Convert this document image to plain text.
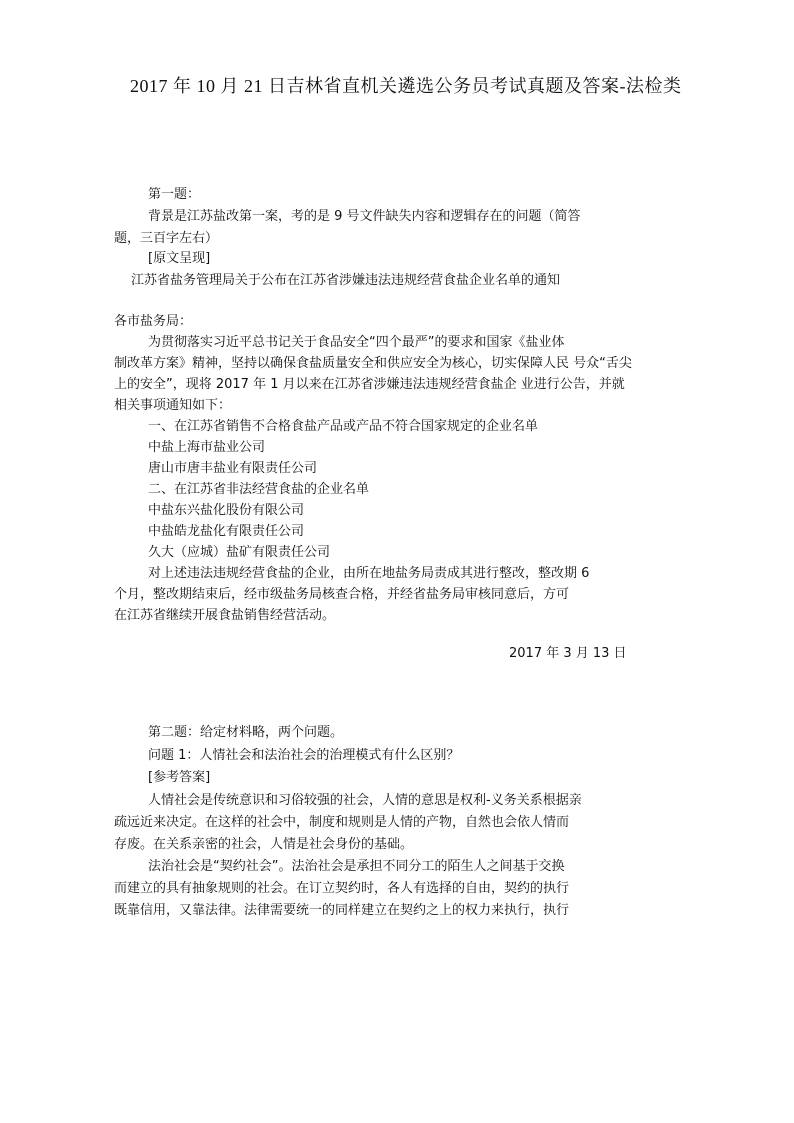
2017 年 10 月 21 日吉林省直机关遴选公务员考试真题及答案-法检类
第一题：
背景是江苏盐改第一案，考的是 9 号文件缺失内容和逻辑存在的问题（简答
题，三百字左右）
[原文呈现]
江苏省盐务管理局关于公布在江苏省涉嫌违法违规经营食盐企业名单的通知
各市盐务局：
为贯彻落实习近平总书记关于食品安全“四个最严”的要求和国家《盐业体
制改革方案》精神，坚持以确保食盐质量安全和供应安全为核心，切实保障人民 号众“舌尖
上的安全”，现将 2017 年 1 月以来在江苏省涉嫌违法违规经营食盐企 业进行公告，并就
相关事项通知如下：
一、在江苏省销售不合格食盐产品或产品不符合国家规定的企业名单
中盐上海市盐业公司
唐山市唐丰盐业有限责任公司
二、在江苏省非法经营食盐的企业名单
中盐东兴盐化股份有限公司
中盐皓龙盐化有限责任公司
久大（应城）盐矿有限责任公司
对上述违法违规经营食盐的企业，由所在地盐务局责成其进行整改，整改期 6
个月，整改期结束后，经市级盐务局核查合格，并经省盐务局审核同意后，方可
在江苏省继续开展食盐销售经营活动。
2017 年 3 月 13 日
第二题：给定材料略，两个问题。
问题 1：人情社会和法治社会的治理模式有什么区别？
[参考答案]
人情社会是传统意识和习俗较强的社会，人情的意思是权利-义务关系根据亲
疏远近来决定。在这样的社会中，制度和规则是人情的产物，自然也会依人情而
存废。在关系亲密的社会，人情是社会身份的基础。
法治社会是“契约社会”。法治社会是承担不同分工的陌生人之间基于交换
而建立的具有抽象规则的社会。在订立契约时，各人有选择的自由，契约的执行
既靠信用，又靠法律。法律需要统一的同样建立在契约之上的权力来执行，执行
